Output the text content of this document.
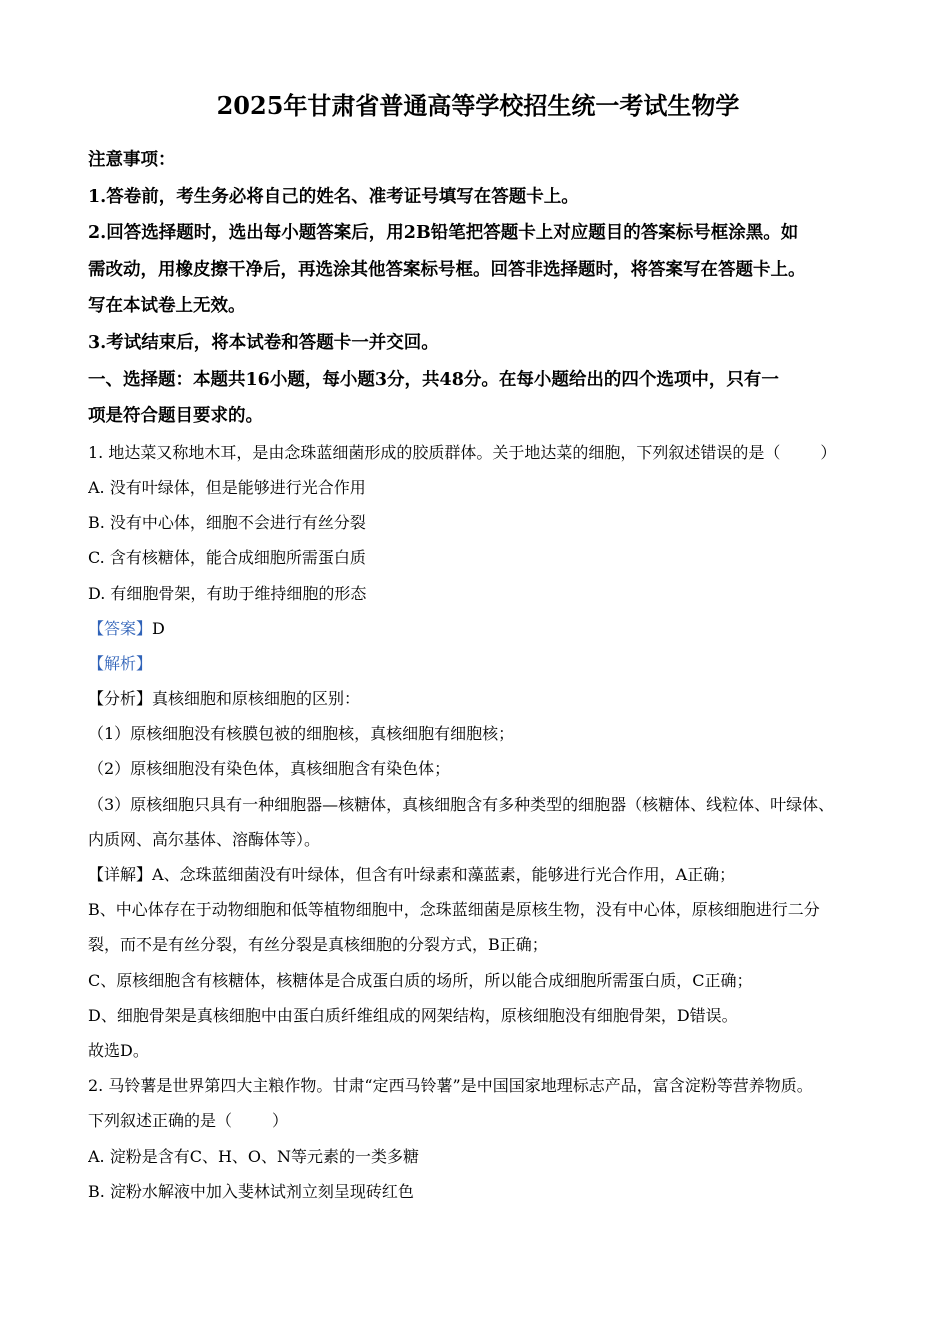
2025年甘肃省普通高等学校招生统一考试生物学
注意事项：
1.答卷前，考生务必将自己的姓名、准考证号填写在答题卡上。
2.回答选择题时，选出每小题答案后，用2B铅笔把答题卡上对应题目的答案标号框涂黑。如
需改动，用橡皮擦干净后，再选涂其他答案标号框。回答非选择题时，将答案写在答题卡上。
写在本试卷上无效。
3.考试结束后，将本试卷和答题卡一并交回。
一、选择题：本题共16小题，每小题3分，共48分。在每小题给出的四个选项中，只有一
项是符合题目要求的。
1. 地达菜又称地木耳，是由念珠蓝细菌形成的胶质群体。关于地达菜的细胞，下列叙述错误的是（	）
A. 没有叶绿体，但是能够进行光合作用
B. 没有中心体，细胞不会进行有丝分裂
C. 含有核糖体，能合成细胞所需蛋白质
D. 有细胞骨架，有助于维持细胞的形态
【答案】D
【解析】
【分析】真核细胞和原核细胞的区别：
（1）原核细胞没有核膜包被的细胞核，真核细胞有细胞核；
（2）原核细胞没有染色体，真核细胞含有染色体；
（3）原核细胞只具有一种细胞器—核糖体，真核细胞含有多种类型的细胞器（核糖体、线粒体、叶绿体、
内质网、高尔基体、溶酶体等）。
【详解】A、念珠蓝细菌没有叶绿体，但含有叶绿素和藻蓝素，能够进行光合作用，A正确；
B、中心体存在于动物细胞和低等植物细胞中，念珠蓝细菌是原核生物，没有中心体，原核细胞进行二分
裂，而不是有丝分裂，有丝分裂是真核细胞的分裂方式，B正确；
C、原核细胞含有核糖体，核糖体是合成蛋白质的场所，所以能合成细胞所需蛋白质，C正确；
D、细胞骨架是真核细胞中由蛋白质纤维组成的网架结构，原核细胞没有细胞骨架，D错误。
故选D。
2. 马铃薯是世界第四大主粮作物。甘肃“定西马铃薯”是中国国家地理标志产品，富含淀粉等营养物质。
下列叙述正确的是（	）
A. 淀粉是含有C、H、O、N等元素的一类多糖
B. 淀粉水解液中加入斐林试剂立刻呈现砖红色
